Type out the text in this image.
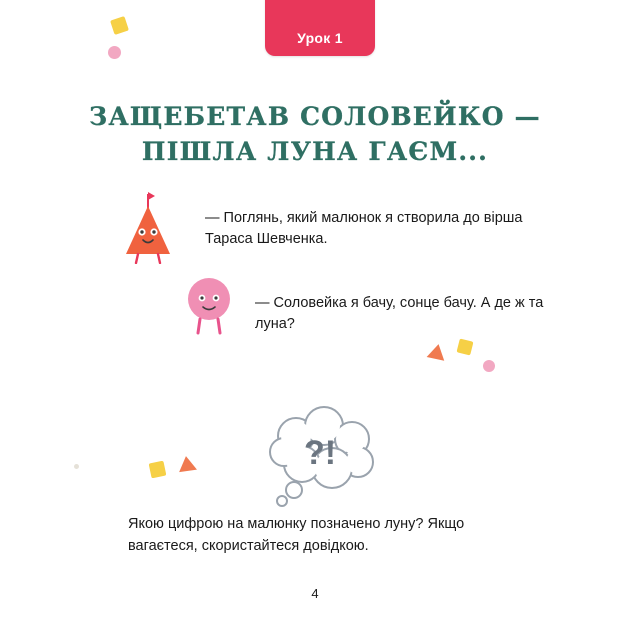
Урок 1
ЗАЩЕБЕТАВ СОЛОВЕЙКО —
ПІШЛА ЛУНА ГАЄМ...
— Поглянь, який малюнок я створила до вірша Тараса Шевченка.
— Соловейка я бачу, сонце бачу. А де ж та луна?
?!
Якою цифрою на малюнку позначено луну? Якщо вагаєтеся, скористайтеся довідкою.
4
